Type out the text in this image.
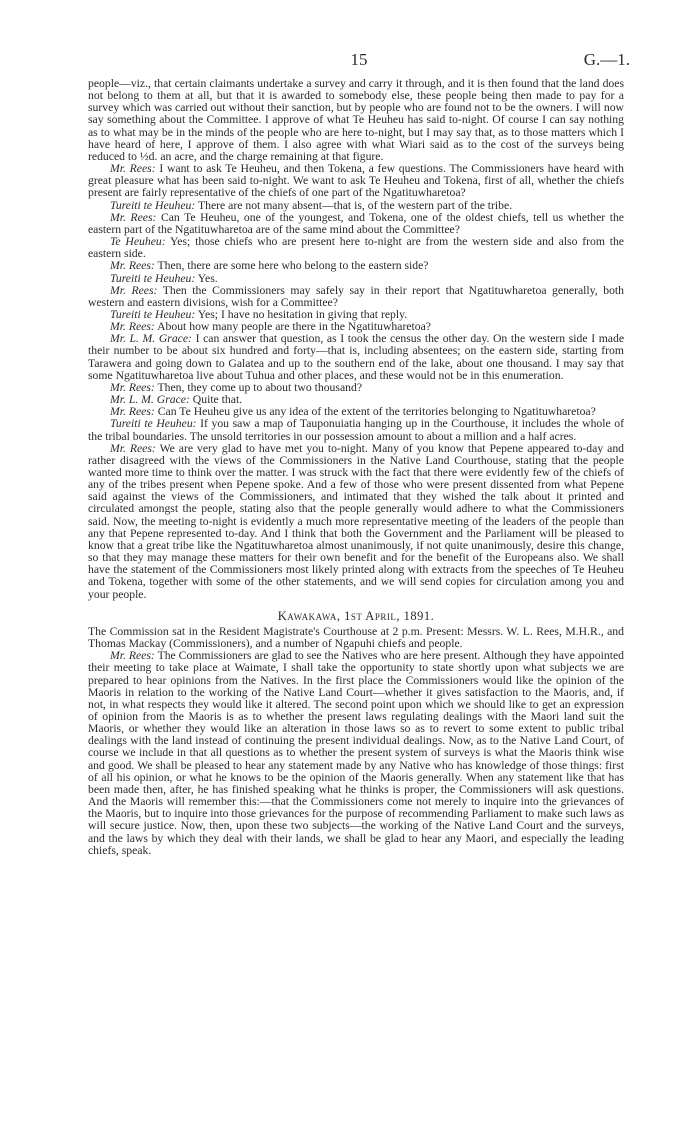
15	G.—1.

people—viz., that certain claimants undertake a survey and carry it through, and it is then found that the land does not belong to them at all, but that it is awarded to somebody else, these people being then made to pay for a survey which was carried out without their sanction, but by people who are found not to be the owners. I will now say something about the Committee. I approve of what Te Heuheu has said to-night. Of course I can say nothing as to what may be in the minds of the people who are here to-night, but I may say that, as to those matters which I have heard of here, I approve of them. I also agree with what Wiari said as to the cost of the surveys being reduced to ½d. an acre, and the charge remaining at that figure.

Mr. Rees: I want to ask Te Heuheu, and then Tokena, a few questions. The Commissioners have heard with great pleasure what has been said to-night. We want to ask Te Heuheu and Tokena, first of all, whether the chiefs present are fairly representative of the chiefs of one part of the Ngatituwharetoa?

Tureiti te Heuheu: There are not many absent—that is, of the western part of the tribe.

Mr. Rees: Can Te Heuheu, one of the youngest, and Tokena, one of the oldest chiefs, tell us whether the eastern part of the Ngatituwharetoa are of the same mind about the Committee?

Te Heuheu: Yes; those chiefs who are present here to-night are from the western side and also from the eastern side.

Mr. Rees: Then, there are some here who belong to the eastern side?

Tureiti te Heuheu: Yes.

Mr. Rees: Then the Commissioners may safely say in their report that Ngatituwharetoa generally, both western and eastern divisions, wish for a Committee?

Tureiti te Heuheu: Yes; I have no hesitation in giving that reply.

Mr. Rees: About how many people are there in the Ngatituwharetoa?

Mr. L. M. Grace: I can answer that question, as I took the census the other day. On the western side I made their number to be about six hundred and forty—that is, including absentees; on the eastern side, starting from Tarawera and going down to Galatea and up to the southern end of the lake, about one thousand. I may say that some Ngatituwharetoa live about Tuhua and other places, and these would not be in this enumeration.

Mr. Rees: Then, they come up to about two thousand?

Mr. L. M. Grace: Quite that.

Mr. Rees: Can Te Heuheu give us any idea of the extent of the territories belonging to Ngatituwharetoa?

Tureiti te Heuheu: If you saw a map of Tauponuiatia hanging up in the Courthouse, it includes the whole of the tribal boundaries. The unsold territories in our possession amount to about a million and a half acres.

Mr. Rees: We are very glad to have met you to-night. Many of you know that Pepene appeared to-day and rather disagreed with the views of the Commissioners in the Native Land Courthouse, stating that the people wanted more time to think over the matter. I was struck with the fact that there were evidently few of the chiefs of any of the tribes present when Pepene spoke. And a few of those who were present dissented from what Pepene said against the views of the Commissioners, and intimated that they wished the talk about it printed and circulated amongst the people, stating also that the people generally would adhere to what the Commissioners said. Now, the meeting to-night is evidently a much more representative meeting of the leaders of the people than any that Pepene represented to-day. And I think that both the Government and the Parliament will be pleased to know that a great tribe like the Ngatituwharetoa almost unanimously, if not quite unanimously, desire this change, so that they may manage these matters for their own benefit and for the benefit of the Europeans also. We shall have the statement of the Commissioners most likely printed along with extracts from the speeches of Te Heuheu and Tokena, together with some of the other statements, and we will send copies for circulation among you and your people.

Kawakawa, 1st April, 1891.

The Commission sat in the Resident Magistrate's Courthouse at 2 p.m. Present: Messrs. W. L. Rees, M.H.R., and Thomas Mackay (Commissioners), and a number of Ngapuhi chiefs and people.

Mr. Rees: The Commissioners are glad to see the Natives who are here present. Although they have appointed their meeting to take place at Waimate, I shall take the opportunity to state shortly upon what subjects we are prepared to hear opinions from the Natives. In the first place the Commissioners would like the opinion of the Maoris in relation to the working of the Native Land Court—whether it gives satisfaction to the Maoris, and, if not, in what respects they would like it altered. The second point upon which we should like to get an expression of opinion from the Maoris is as to whether the present laws regulating dealings with the Maori land suit the Maoris, or whether they would like an alteration in those laws so as to revert to some extent to public tribal dealings with the land instead of continuing the present individual dealings. Now, as to the Native Land Court, of course we include in that all questions as to whether the present system of surveys is what the Maoris think wise and good. We shall be pleased to hear any statement made by any Native who has knowledge of those things: first of all his opinion, or what he knows to be the opinion of the Maoris generally. When any statement like that has been made then, after, he has finished speaking what he thinks is proper, the Commissioners will ask questions. And the Maoris will remember this:—that the Commissioners come not merely to inquire into the grievances of the Maoris, but to inquire into those grievances for the purpose of recommending Parliament to make such laws as will secure justice. Now, then, upon these two subjects—the working of the Native Land Court and the surveys, and the laws by which they deal with their lands, we shall be glad to hear any Maori, and especially the leading chiefs, speak.
